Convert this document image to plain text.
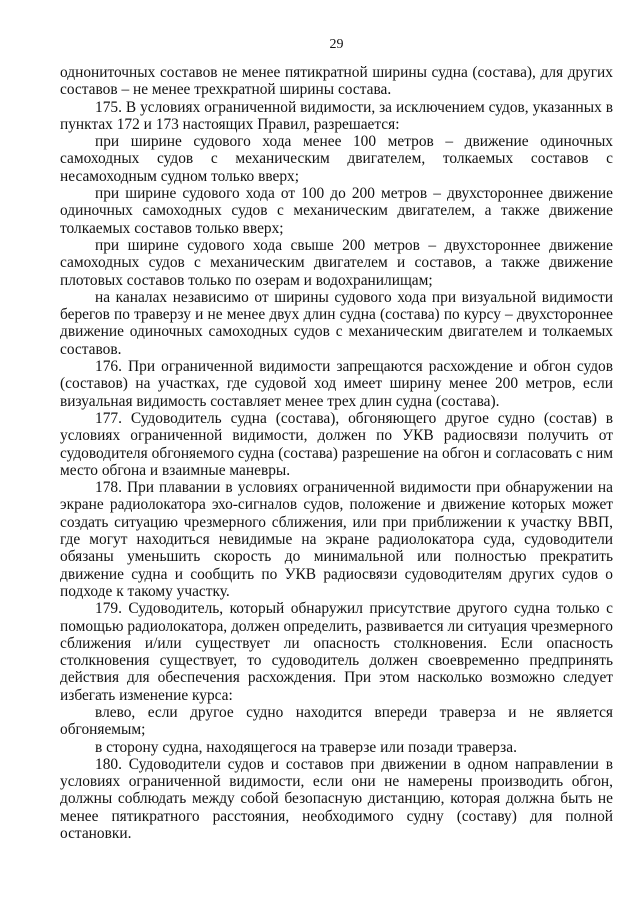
29

однониточных составов не менее пятикратной ширины судна (состава), для других составов – не менее трехкратной ширины состава.

175. В условиях ограниченной видимости, за исключением судов, указанных в пунктах 172 и 173 настоящих Правил, разрешается:

при ширине судового хода менее 100 метров – движение одиночных самоходных судов с механическим двигателем, толкаемых составов с несамоходным судном только вверх;

при ширине судового хода от 100 до 200 метров – двухстороннее движение одиночных самоходных судов с механическим двигателем, а также движение толкаемых составов только вверх;

при ширине судового хода свыше 200 метров – двухстороннее движение самоходных судов с механическим двигателем и составов, а также движение плотовых составов только по озерам и водохранилищам;

на каналах независимо от ширины судового хода при визуальной видимости берегов по траверзу и не менее двух длин судна (состава) по курсу – двухстороннее движение одиночных самоходных судов с механическим двигателем и толкаемых составов.

176. При ограниченной видимости запрещаются расхождение и обгон судов (составов) на участках, где судовой ход имеет ширину менее 200 метров, если визуальная видимость составляет менее трех длин судна (состава).

177. Судоводитель судна (состава), обгоняющего другое судно (состав) в условиях ограниченной видимости, должен по УКВ радиосвязи получить от судоводителя обгоняемого судна (состава) разрешение на обгон и согласовать с ним место обгона и взаимные маневры.

178. При плавании в условиях ограниченной видимости при обнаружении на экране радиолокатора эхо-сигналов судов, положение и движение которых может создать ситуацию чрезмерного сближения, или при приближении к участку ВВП, где могут находиться невидимые на экране радиолокатора суда, судоводители обязаны уменьшить скорость до минимальной или полностью прекратить движение судна и сообщить по УКВ радиосвязи судоводителям других судов о подходе к такому участку.

179. Судоводитель, который обнаружил присутствие другого судна только с помощью радиолокатора, должен определить, развивается ли ситуация чрезмерного сближения и/или существует ли опасность столкновения. Если опасность столкновения существует, то судоводитель должен своевременно предпринять действия для обеспечения расхождения. При этом насколько возможно следует избегать изменение курса:

влево, если другое судно находится впереди траверза и не является обгоняемым;

в сторону судна, находящегося на траверзе или позади траверза.

180. Судоводители судов и составов при движении в одном направлении в условиях ограниченной видимости, если они не намерены производить обгон, должны соблюдать между собой безопасную дистанцию, которая должна быть не менее пятикратного расстояния, необходимого судну (составу) для полной остановки.
